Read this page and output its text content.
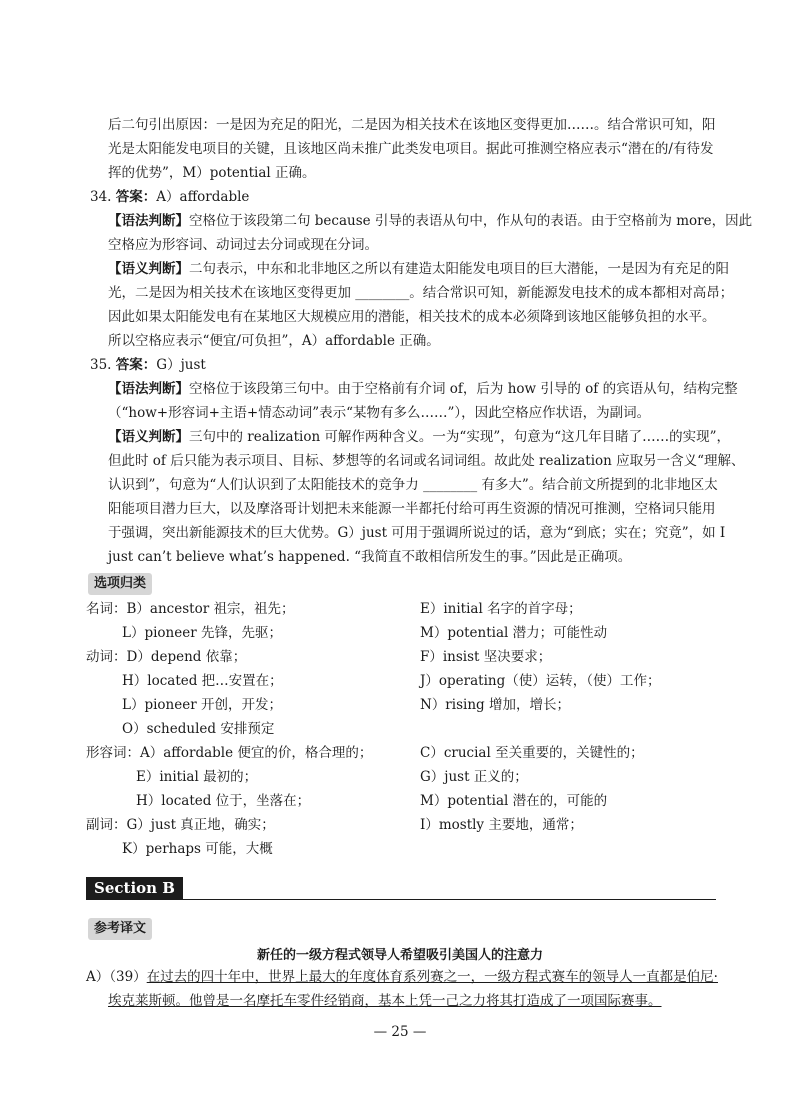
后二句引出原因：一是因为充足的阳光，二是因为相关技术在该地区变得更加……。结合常识可知，阳
光是太阳能发电项目的关键，且该地区尚未推广此类发电项目。据此可推测空格应表示“潜在的/有待发
挥的优势”，M）potential 正确。
34. 答案：A）affordable
【语法判断】空格位于该段第二句 because 引导的表语从句中，作从句的表语。由于空格前为 more，因此
空格应为形容词、动词过去分词或现在分词。
【语义判断】二句表示，中东和北非地区之所以有建造太阳能发电项目的巨大潜能，一是因为有充足的阳
光，二是因为相关技术在该地区变得更加 ________。结合常识可知，新能源发电技术的成本都相对高昂；
因此如果太阳能发电有在某地区大规模应用的潜能，相关技术的成本必须降到该地区能够负担的水平。
所以空格应表示“便宜/可负担”，A）affordable 正确。
35. 答案：G）just
【语法判断】空格位于该段第三句中。由于空格前有介词 of，后为 how 引导的 of 的宾语从句，结构完整
（“how+形容词+主语+情态动词”表示“某物有多么……”），因此空格应作状语，为副词。
【语义判断】三句中的 realization 可解作两种含义。一为“实现”，句意为“这几年目睹了……的实现”，
但此时 of 后只能为表示项目、目标、梦想等的名词或名词词组。故此处 realization 应取另一含义“理解、
认识到”，句意为“人们认识到了太阳能技术的竞争力 ________ 有多大”。结合前文所提到的北非地区太
阳能项目潜力巨大，以及摩洛哥计划把未来能源一半都托付给可再生资源的情况可推测，空格词只能用
于强调，突出新能源技术的巨大优势。G）just 可用于强调所说过的话，意为“到底；实在；究竟”，如 I
just can’t believe what’s happened. “我简直不敢相信所发生的事。”因此是正确项。
选项归类
名词：B）ancestor 祖宗，祖先；	E）initial 名字的首字母；
L）pioneer 先锋，先驱；	M）potential 潜力；可能性动
动词：D）depend 依靠；	F）insist 坚决要求；
H）located 把…安置在；	J）operating（使）运转，（使）工作；
L）pioneer 开创，开发；	N）rising 增加，增长；
O）scheduled 安排预定
形容词：A）affordable 便宜的价，格合理的；	C）crucial 至关重要的，关键性的；
E）initial 最初的；	G）just 正义的；
H）located 位于，坐落在；	M）potential 潜在的，可能的
副词：G）just 真正地，确实；	I）mostly 主要地，通常；
K）perhaps 可能，大概
Section B
参考译文
新任的一级方程式领导人希望吸引美国人的注意力
A）（39）在过去的四十年中，世界上最大的年度体育系列赛之一，一级方程式赛车的领导人一直都是伯尼·
埃克莱斯顿。他曾是一名摩托车零件经销商，基本上凭一己之力将其打造成了一项国际赛事。
— 25 —
